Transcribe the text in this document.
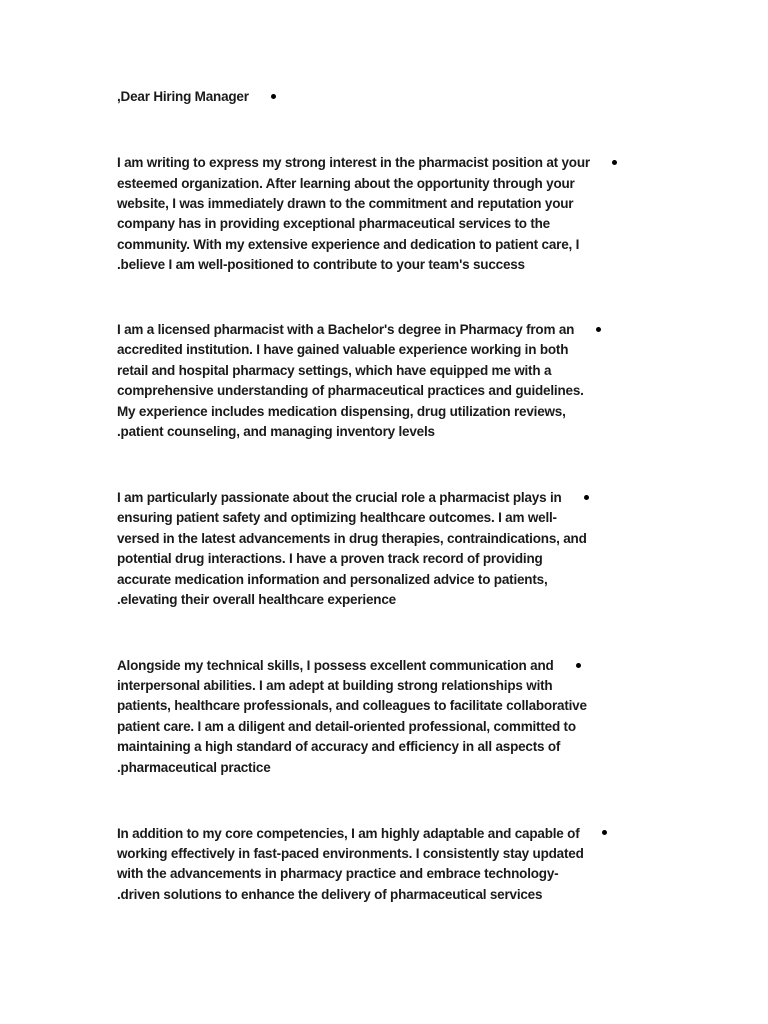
,Dear Hiring Manager
I am writing to express my strong interest in the pharmacist position at your
esteemed organization. After learning about the opportunity through your
website, I was immediately drawn to the commitment and reputation your
company has in providing exceptional pharmaceutical services to the
community. With my extensive experience and dedication to patient care, I
.believe I am well-positioned to contribute to your team's success
I am a licensed pharmacist with a Bachelor's degree in Pharmacy from an
accredited institution. I have gained valuable experience working in both
retail and hospital pharmacy settings, which have equipped me with a
comprehensive understanding of pharmaceutical practices and guidelines.
My experience includes medication dispensing, drug utilization reviews,
.patient counseling, and managing inventory levels
I am particularly passionate about the crucial role a pharmacist plays in
ensuring patient safety and optimizing healthcare outcomes. I am well-
versed in the latest advancements in drug therapies, contraindications, and
potential drug interactions. I have a proven track record of providing
accurate medication information and personalized advice to patients,
.elevating their overall healthcare experience
Alongside my technical skills, I possess excellent communication and
interpersonal abilities. I am adept at building strong relationships with
patients, healthcare professionals, and colleagues to facilitate collaborative
patient care. I am a diligent and detail-oriented professional, committed to
maintaining a high standard of accuracy and efficiency in all aspects of
.pharmaceutical practice
In addition to my core competencies, I am highly adaptable and capable of
working effectively in fast-paced environments. I consistently stay updated
with the advancements in pharmacy practice and embrace technology-
.driven solutions to enhance the delivery of pharmaceutical services
